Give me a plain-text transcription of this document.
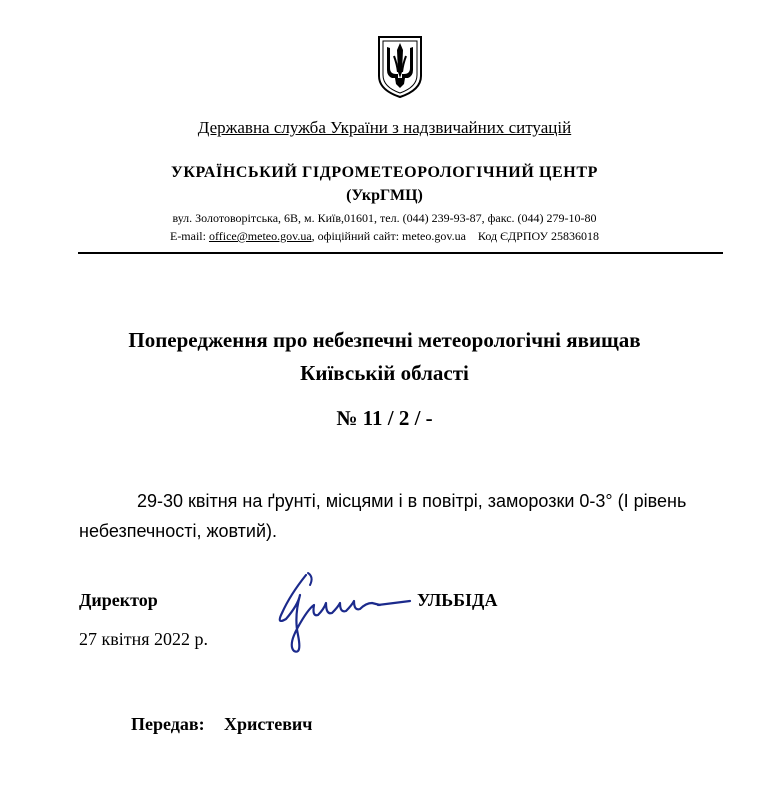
Державна служба України з надзвичайних ситуацій
УКРАЇНСЬКИЙ ГІДРОМЕТЕОРОЛОГІЧНИЙ ЦЕНТР
(УкрГМЦ)
вул. Золотоворітська, 6В, м. Київ,01601, тел. (044) 239-93-87, факс. (044) 279-10-80
E-mail: office@meteo.gov.ua, офіційний сайт: meteo.gov.ua Код ЄДРПОУ 25836018
Попередження про небезпечні метеорологічні явищав
Київській області
№ 11 / 2 / -
29-30 квітня на ґрунті, місцями і в повітрі, заморозки 0-3° (І рівень небезпечності, жовтий).
Директор	УЛЬБІДА
27 квітня 2022 р.
Передав: Христевич
